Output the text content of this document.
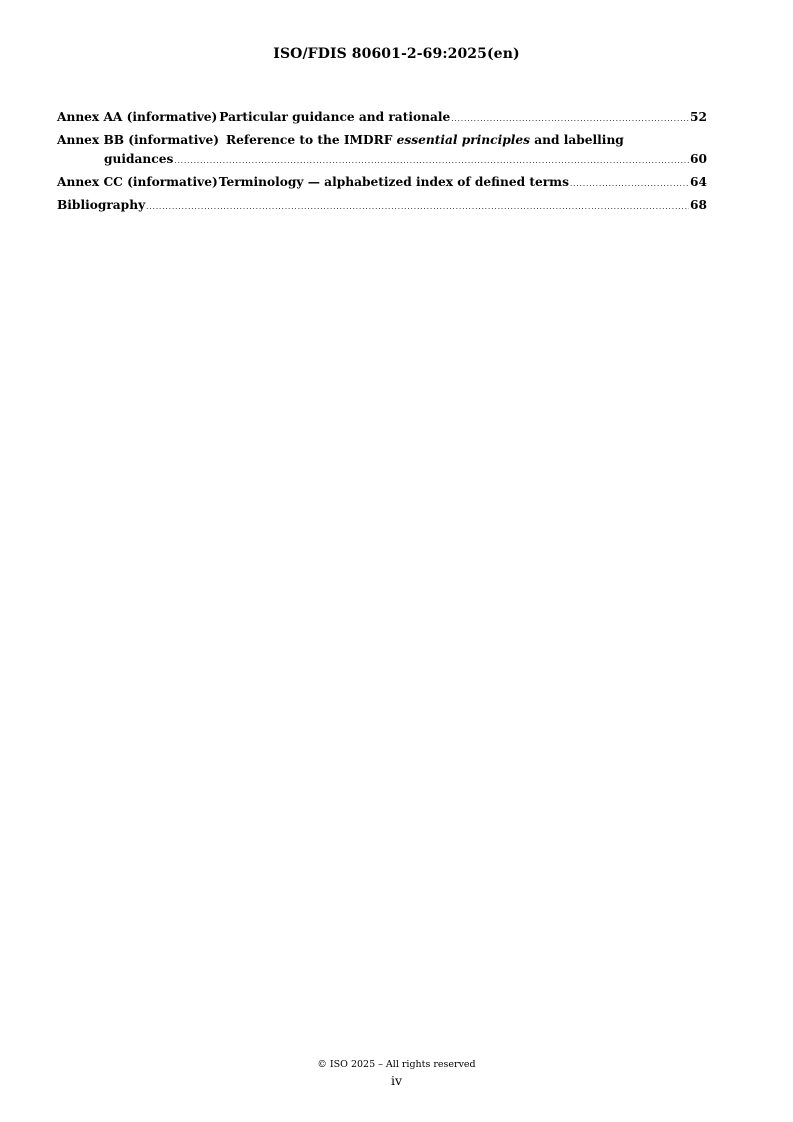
ISO/FDIS 80601-2-69:2025(en)
Annex AA (informative) Particular guidance and rationale .....	52
Annex BB (informative) Reference to the IMDRF essential principles and labelling
guidances .....	60
Annex CC (informative) Terminology — alphabetized index of defined terms .....	64
Bibliography .....	68
© ISO 2025 – All rights reserved
iv
